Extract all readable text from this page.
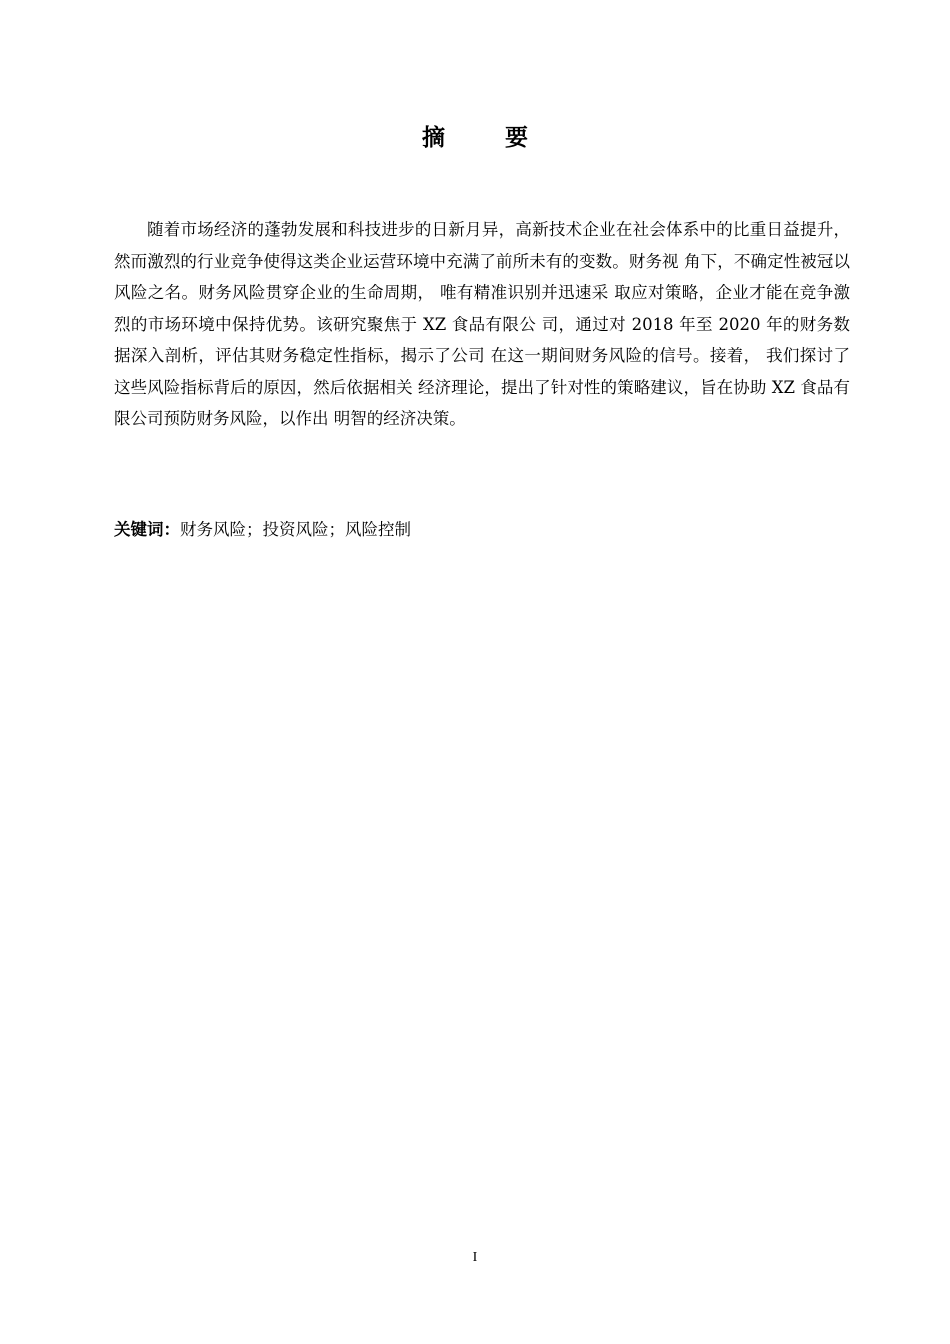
摘 要

随着市场经济的蓬勃发展和科技进步的日新月异，高新技术企业在社会体系中的比重日益提升，然而激烈的行业竞争使得这类企业运营环境中充满了前所未有的变数。财务视 角下，不确定性被冠以风险之名。财务风险贯穿企业的生命周期， 唯有精准识别并迅速采 取应对策略，企业才能在竞争激烈的市场环境中保持优势。该研究聚焦于 XZ 食品有限公 司，通过对 2018 年至 2020 年的财务数据深入剖析，评估其财务稳定性指标，揭示了公司 在这一期间财务风险的信号。接着， 我们探讨了这些风险指标背后的原因，然后依据相关 经济理论，提出了针对性的策略建议，旨在协助 XZ 食品有限公司预防财务风险，以作出 明智的经济决策。

关键词：财务风险；投资风险；风险控制
I
